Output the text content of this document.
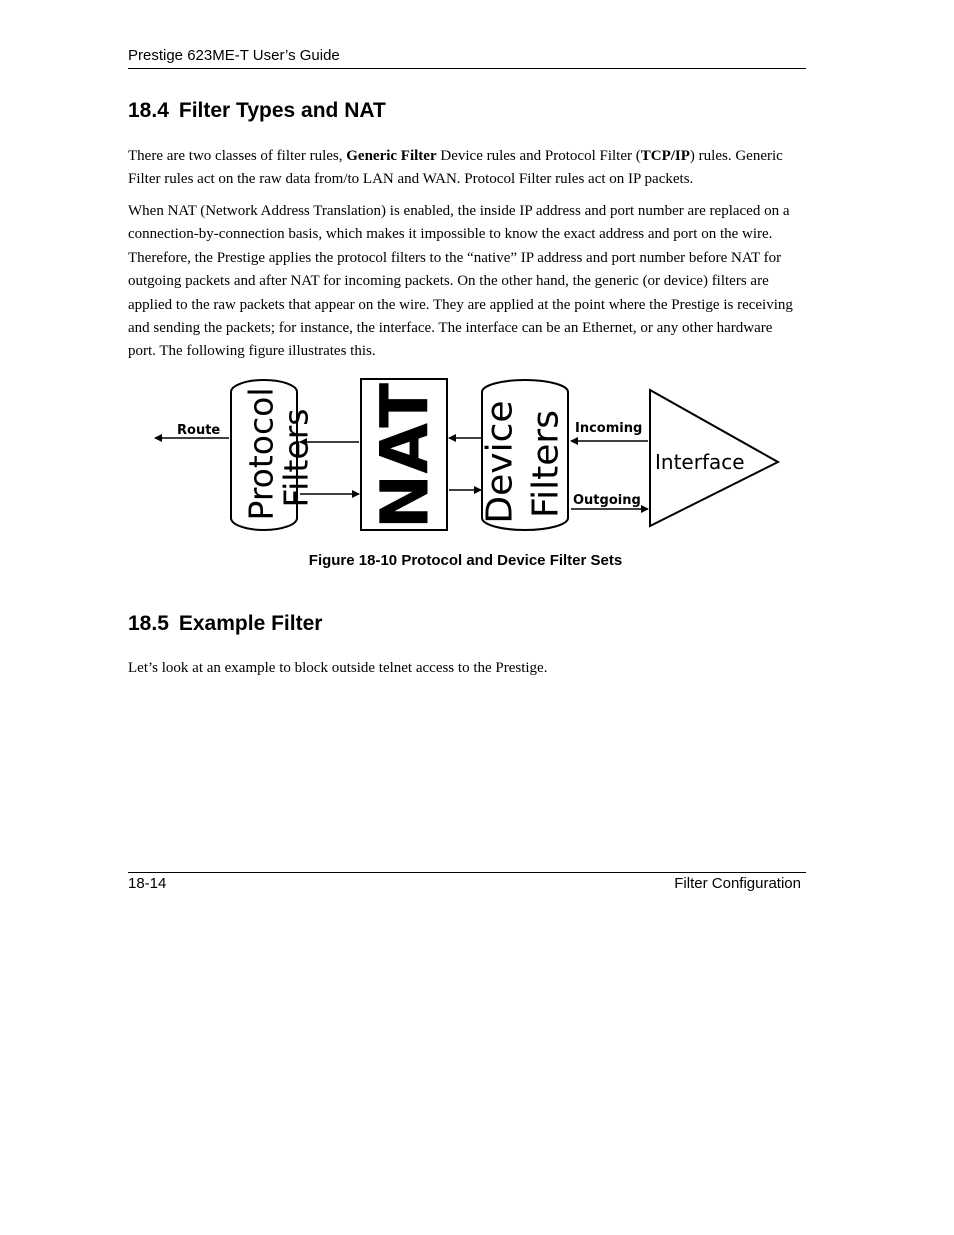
Prestige 623ME-T User’s Guide
18.4 Filter Types and NAT
There are two classes of filter rules, Generic Filter Device rules and Protocol Filter (TCP/IP) rules. Generic Filter rules act on the raw data from/to LAN and WAN. Protocol Filter rules act on IP packets.
When NAT (Network Address Translation) is enabled, the inside IP address and port number are replaced on a connection-by-connection basis, which makes it impossible to know the exact address and port on the wire. Therefore, the Prestige applies the protocol filters to the “native” IP address and port number before NAT for outgoing packets and after NAT for incoming packets. On the other hand, the generic (or device) filters are applied to the raw packets that appear on the wire. They are applied at the point where the Prestige is receiving and sending the packets; for instance, the interface. The interface can be an Ethernet, or any other hardware port. The following figure illustrates this.
Protocol
Filters NAT Device Filters	Interface
Route	Incoming
Outgoing
Figure 18-10 Protocol and Device Filter Sets
18.5 Example Filter
Let’s look at an example to block outside telnet access to the Prestige.
18-14	Filter Configuration
